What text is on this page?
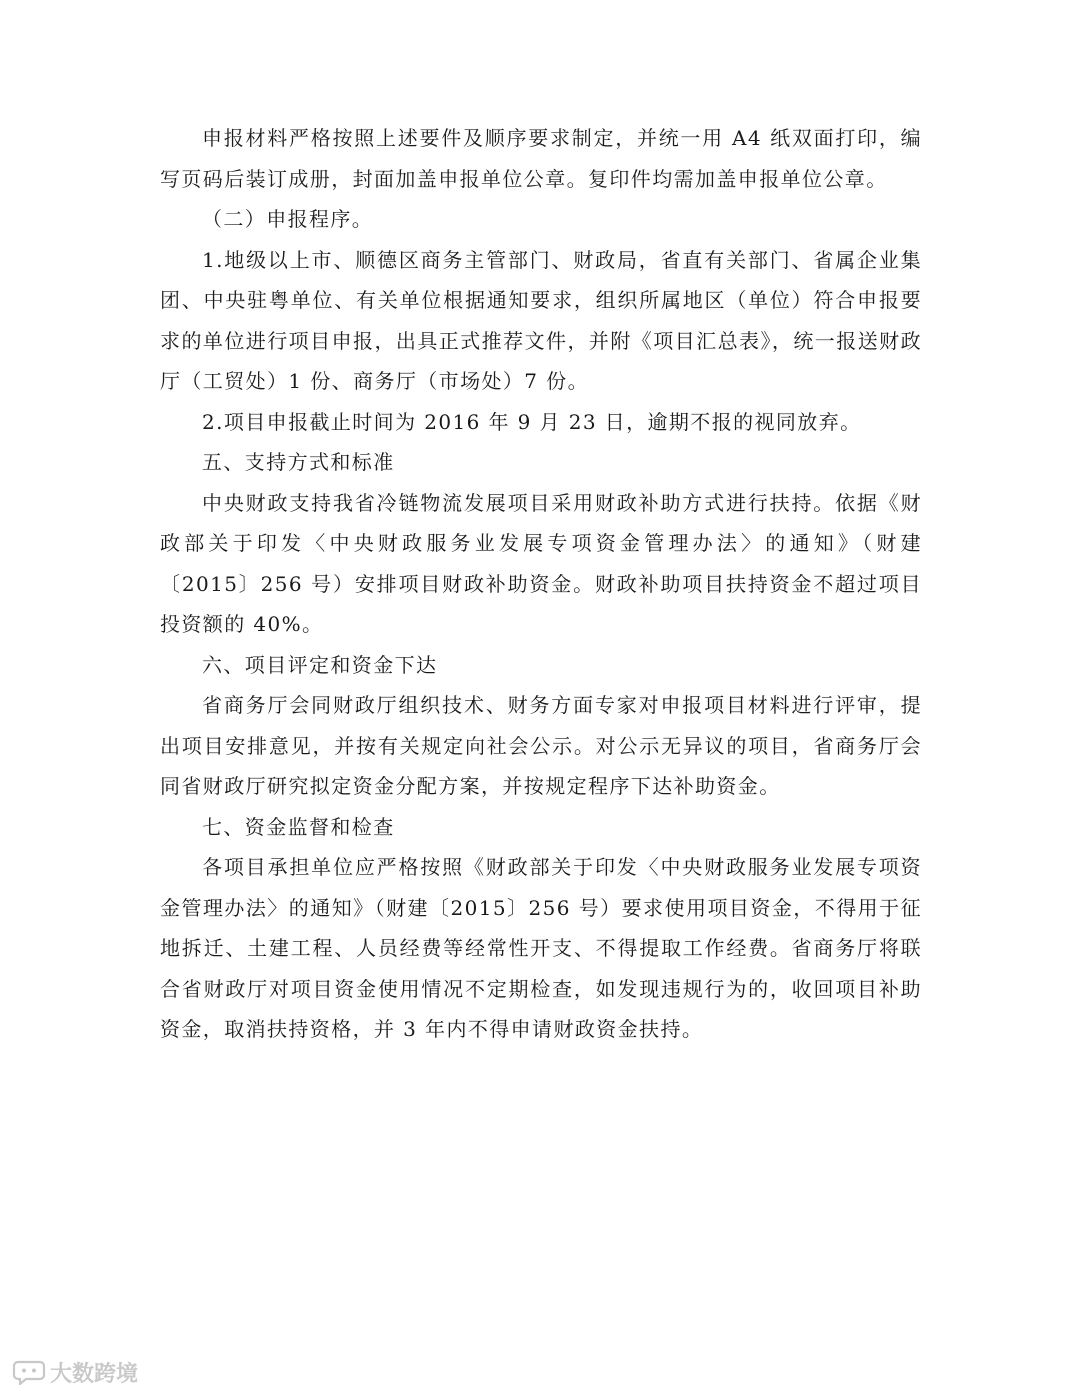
申报材料严格按照上述要件及顺序要求制定，并统一用 A4 纸双面打印，编写页码后装订成册，封面加盖申报单位公章。复印件均需加盖申报单位公章。

（二）申报程序。

1.地级以上市、顺德区商务主管部门、财政局，省直有关部门、省属企业集团、中央驻粤单位、有关单位根据通知要求，组织所属地区（单位）符合申报要求的单位进行项目申报，出具正式推荐文件，并附《项目汇总表》，统一报送财政厅（工贸处）1 份、商务厅（市场处）7 份。

2.项目申报截止时间为 2016 年 9 月 23 日，逾期不报的视同放弃。

五、支持方式和标准

中央财政支持我省冷链物流发展项目采用财政补助方式进行扶持。依据《财政部关于印发〈中央财政服务业发展专项资金管理办法〉的通知》（财建〔2015〕256 号）安排项目财政补助资金。财政补助项目扶持资金不超过项目投资额的 40%。

六、项目评定和资金下达

省商务厅会同财政厅组织技术、财务方面专家对申报项目材料进行评审，提出项目安排意见，并按有关规定向社会公示。对公示无异议的项目，省商务厅会同省财政厅研究拟定资金分配方案，并按规定程序下达补助资金。

七、资金监督和检查

各项目承担单位应严格按照《财政部关于印发〈中央财政服务业发展专项资金管理办法〉的通知》（财建〔2015〕256 号）要求使用项目资金，不得用于征地拆迁、土建工程、人员经费等经常性开支、不得提取工作经费。省商务厅将联合省财政厅对项目资金使用情况不定期检查，如发现违规行为的，收回项目补助资金，取消扶持资格，并 3 年内不得申请财政资金扶持。

大数跨境
